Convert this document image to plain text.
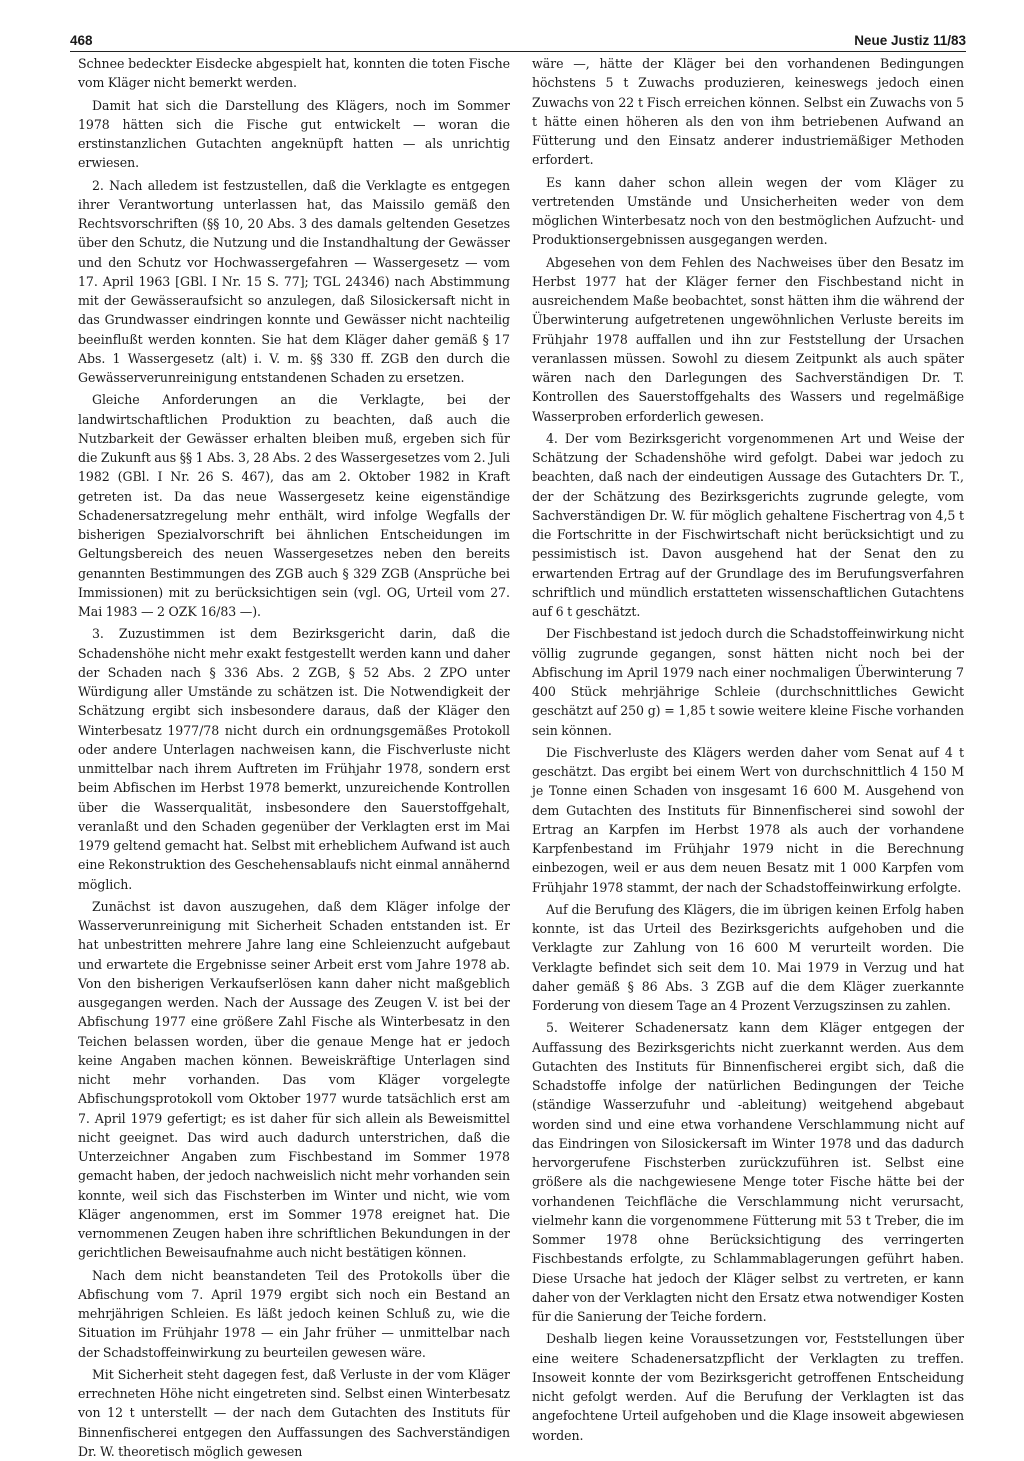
468	Neue Justiz 11/83

Schnee bedeckter Eisdecke abgespielt hat, konnten die toten Fische vom Kläger nicht bemerkt werden.

Damit hat sich die Darstellung des Klägers, noch im Sommer 1978 hätten sich die Fische gut entwickelt — woran die erstinstanzlichen Gutachten angeknüpft hatten — als unrichtig erwiesen.

2. Nach alledem ist festzustellen, daß die Verklagte es entgegen ihrer Verantwortung unterlassen hat, das Maissilo gemäß den Rechtsvorschriften (§§ 10, 20 Abs. 3 des damals geltenden Gesetzes über den Schutz, die Nutzung und die Instandhaltung der Gewässer und den Schutz vor Hochwassergefahren — Wassergesetz — vom 17. April 1963 [GBl. I Nr. 15 S. 77]; TGL 24346) nach Abstimmung mit der Gewässeraufsicht so anzulegen, daß Silosickersaft nicht in das Grundwasser eindringen konnte und Gewässer nicht nachteilig beeinflußt werden konnten. Sie hat dem Kläger daher gemäß § 17 Abs. 1 Wassergesetz (alt) i. V. m. §§ 330 ff. ZGB den durch die Gewässerverunreinigung entstandenen Schaden zu ersetzen.

Gleiche Anforderungen an die Verklagte, bei der landwirtschaftlichen Produktion zu beachten, daß auch die Nutzbarkeit der Gewässer erhalten bleiben muß, ergeben sich für die Zukunft aus §§ 1 Abs. 3, 28 Abs. 2 des Wassergesetzes vom 2. Juli 1982 (GBl. I Nr. 26 S. 467), das am 2. Oktober 1982 in Kraft getreten ist. Da das neue Wassergesetz keine eigenständige Schadenersatzregelung mehr enthält, wird infolge Wegfalls der bisherigen Spezialvorschrift bei ähnlichen Entscheidungen im Geltungsbereich des neuen Wassergesetzes neben den bereits genannten Bestimmungen des ZGB auch § 329 ZGB (Ansprüche bei Immissionen) mit zu berücksichtigen sein (vgl. OG, Urteil vom 27. Mai 1983 — 2 OZK 16/83 —).

3. Zuzustimmen ist dem Bezirksgericht darin, daß die Schadenshöhe nicht mehr exakt festgestellt werden kann und daher der Schaden nach § 336 Abs. 2 ZGB, § 52 Abs. 2 ZPO unter Würdigung aller Umstände zu schätzen ist. Die Notwendigkeit der Schätzung ergibt sich insbesondere daraus, daß der Kläger den Winterbesatz 1977/78 nicht durch ein ordnungsgemäßes Protokoll oder andere Unterlagen nachweisen kann, die Fischverluste nicht unmittelbar nach ihrem Auftreten im Frühjahr 1978, sondern erst beim Abfischen im Herbst 1978 bemerkt, unzureichende Kontrollen über die Wasserqualität, insbesondere den Sauerstoffgehalt, veranlaßt und den Schaden gegenüber der Verklagten erst im Mai 1979 geltend gemacht hat. Selbst mit erheblichem Aufwand ist auch eine Rekonstruktion des Geschehensablaufs nicht einmal annähernd möglich.

Zunächst ist davon auszugehen, daß dem Kläger infolge der Wasserverunreinigung mit Sicherheit Schaden entstanden ist. Er hat unbestritten mehrere Jahre lang eine Schleienzucht aufgebaut und erwartete die Ergebnisse seiner Arbeit erst vom Jahre 1978 ab. Von den bisherigen Verkaufserlösen kann daher nicht maßgeblich ausgegangen werden. Nach der Aussage des Zeugen V. ist bei der Abfischung 1977 eine größere Zahl Fische als Winterbesatz in den Teichen belassen worden, über die genaue Menge hat er jedoch keine Angaben machen können. Beweiskräftige Unterlagen sind nicht mehr vorhanden. Das vom Kläger vorgelegte Abfischungsprotokoll vom Oktober 1977 wurde tatsächlich erst am 7. April 1979 gefertigt; es ist daher für sich allein als Beweismittel nicht geeignet. Das wird auch dadurch unterstrichen, daß die Unterzeichner Angaben zum Fischbestand im Sommer 1978 gemacht haben, der jedoch nachweislich nicht mehr vorhanden sein konnte, weil sich das Fischsterben im Winter und nicht, wie vom Kläger angenommen, erst im Sommer 1978 ereignet hat. Die vernommenen Zeugen haben ihre schriftlichen Bekundungen in der gerichtlichen Beweisaufnahme auch nicht bestätigen können.

Nach dem nicht beanstandeten Teil des Protokolls über die Abfischung vom 7. April 1979 ergibt sich noch ein Bestand an mehrjährigen Schleien. Es läßt jedoch keinen Schluß zu, wie die Situation im Frühjahr 1978 — ein Jahr früher — unmittelbar nach der Schadstoffeinwirkung zu beurteilen gewesen wäre.

Mit Sicherheit steht dagegen fest, daß Verluste in der vom Kläger errechneten Höhe nicht eingetreten sind. Selbst einen Winterbesatz von 12 t unterstellt — der nach dem Gutachten des Instituts für Binnenfischerei entgegen den Auffassungen des Sachverständigen Dr. W. theoretisch möglich gewesen

wäre —, hätte der Kläger bei den vorhandenen Bedingungen höchstens 5 t Zuwachs produzieren, keineswegs jedoch einen Zuwachs von 22 t Fisch erreichen können. Selbst ein Zuwachs von 5 t hätte einen höheren als den von ihm betriebenen Aufwand an Fütterung und den Einsatz anderer industriemäßiger Methoden erfordert.

Es kann daher schon allein wegen der vom Kläger zu vertretenden Umstände und Unsicherheiten weder von dem möglichen Winterbesatz noch von den bestmöglichen Aufzucht- und Produktionsergebnissen ausgegangen werden.

Abgesehen von dem Fehlen des Nachweises über den Besatz im Herbst 1977 hat der Kläger ferner den Fischbestand nicht in ausreichendem Maße beobachtet, sonst hätten ihm die während der Überwinterung aufgetretenen ungewöhnlichen Verluste bereits im Frühjahr 1978 auffallen und ihn zur Feststellung der Ursachen veranlassen müssen. Sowohl zu diesem Zeitpunkt als auch später wären nach den Darlegungen des Sachverständigen Dr. T. Kontrollen des Sauerstoffgehalts des Wassers und regelmäßige Wasserproben erforderlich gewesen.

4. Der vom Bezirksgericht vorgenommenen Art und Weise der Schätzung der Schadenshöhe wird gefolgt. Dabei war jedoch zu beachten, daß nach der eindeutigen Aussage des Gutachters Dr. T., der der Schätzung des Bezirksgerichts zugrunde gelegte, vom Sachverständigen Dr. W. für möglich gehaltene Fischertrag von 4,5 t die Fortschritte in der Fischwirtschaft nicht berücksichtigt und zu pessimistisch ist. Davon ausgehend hat der Senat den zu erwartenden Ertrag auf der Grundlage des im Berufungsverfahren schriftlich und mündlich erstatteten wissenschaftlichen Gutachtens auf 6 t geschätzt.

Der Fischbestand ist jedoch durch die Schadstoffeinwirkung nicht völlig zugrunde gegangen, sonst hätten nicht noch bei der Abfischung im April 1979 nach einer nochmaligen Überwinterung 7 400 Stück mehrjährige Schleie (durchschnittliches Gewicht geschätzt auf 250 g) = 1,85 t sowie weitere kleine Fische vorhanden sein können.

Die Fischverluste des Klägers werden daher vom Senat auf 4 t geschätzt. Das ergibt bei einem Wert von durchschnittlich 4 150 M je Tonne einen Schaden von insgesamt 16 600 M. Ausgehend von dem Gutachten des Instituts für Binnenfischerei sind sowohl der Ertrag an Karpfen im Herbst 1978 als auch der vorhandene Karpfenbestand im Frühjahr 1979 nicht in die Berechnung einbezogen, weil er aus dem neuen Besatz mit 1 000 Karpfen vom Frühjahr 1978 stammt, der nach der Schadstoffeinwirkung erfolgte.

Auf die Berufung des Klägers, die im übrigen keinen Erfolg haben konnte, ist das Urteil des Bezirksgerichts aufgehoben und die Verklagte zur Zahlung von 16 600 M verurteilt worden. Die Verklagte befindet sich seit dem 10. Mai 1979 in Verzug und hat daher gemäß § 86 Abs. 3 ZGB auf die dem Kläger zuerkannte Forderung von diesem Tage an 4 Prozent Verzugszinsen zu zahlen.

5. Weiterer Schadenersatz kann dem Kläger entgegen der Auffassung des Bezirksgerichts nicht zuerkannt werden. Aus dem Gutachten des Instituts für Binnenfischerei ergibt sich, daß die Schadstoffe infolge der natürlichen Bedingungen der Teiche (ständige Wasserzufuhr und -ableitung) weitgehend abgebaut worden sind und eine etwa vorhandene Verschlammung nicht auf das Eindringen von Silosickersaft im Winter 1978 und das dadurch hervorgerufene Fischsterben zurückzuführen ist. Selbst eine größere als die nachgewiesene Menge toter Fische hätte bei der vorhandenen Teichfläche die Verschlammung nicht verursacht, vielmehr kann die vorgenommene Fütterung mit 53 t Treber, die im Sommer 1978 ohne Berücksichtigung des verringerten Fischbestands erfolgte, zu Schlammablagerungen geführt haben. Diese Ursache hat jedoch der Kläger selbst zu vertreten, er kann daher von der Verklagten nicht den Ersatz etwa notwendiger Kosten für die Sanierung der Teiche fordern.

Deshalb liegen keine Voraussetzungen vor, Feststellungen über eine weitere Schadenersatzpflicht der Verklagten zu treffen. Insoweit konnte der vom Bezirksgericht getroffenen Entscheidung nicht gefolgt werden. Auf die Berufung der Verklagten ist das angefochtene Urteil aufgehoben und die Klage insoweit abgewiesen worden.
